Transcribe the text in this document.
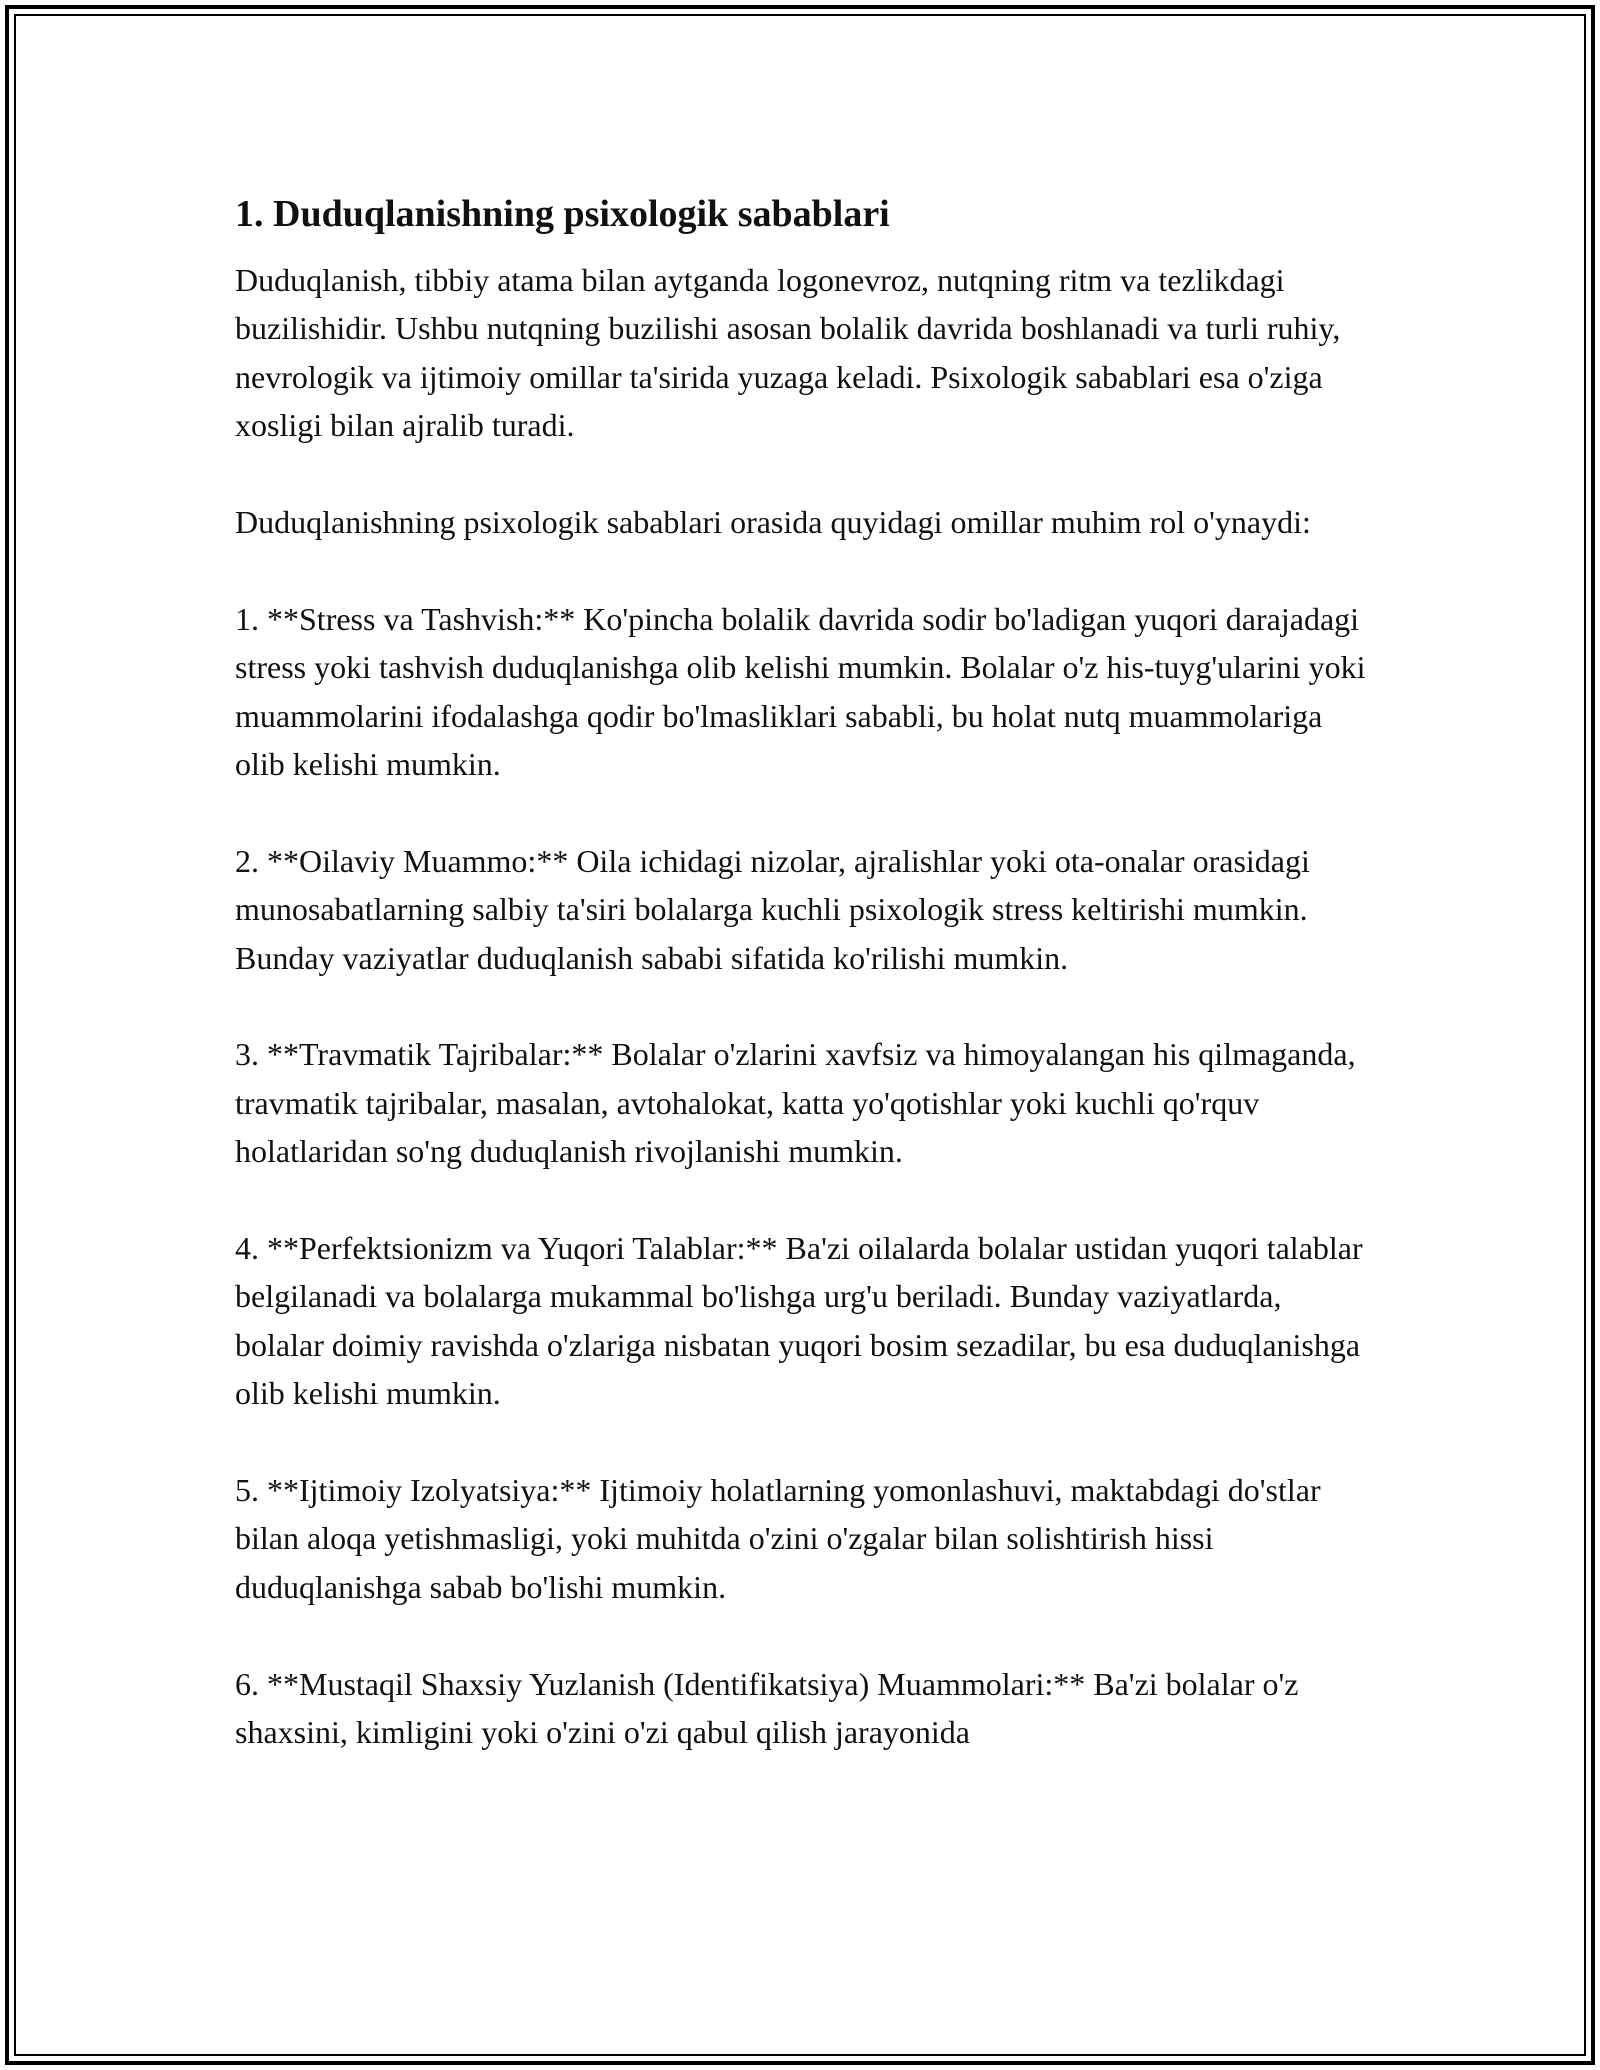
1. Duduqlanishning psixologik sabablari

Duduqlanish, tibbiy atama bilan aytganda logonevroz, nutqning ritm va tezlikdagi buzilishidir. Ushbu nutqning buzilishi asosan bolalik davrida boshlanadi va turli ruhiy, nevrologik va ijtimoiy omillar ta'sirida yuzaga keladi. Psixologik sabablari esa o'ziga xosligi bilan ajralib turadi.

Duduqlanishning psixologik sabablari orasida quyidagi omillar muhim rol o'ynaydi:

1. **Stress va Tashvish:** Ko'pincha bolalik davrida sodir bo'ladigan yuqori darajadagi stress yoki tashvish duduqlanishga olib kelishi mumkin. Bolalar o'z his-tuyg'ularini yoki muammolarini ifodalashga qodir bo'lmasliklari sababli, bu holat nutq muammolariga olib kelishi mumkin.

2. **Oilaviy Muammo:** Oila ichidagi nizolar, ajralishlar yoki ota-onalar orasidagi munosabatlarning salbiy ta'siri bolalarga kuchli psixologik stress keltirishi mumkin. Bunday vaziyatlar duduqlanish sababi sifatida ko'rilishi mumkin.

3. **Travmatik Tajribalar:** Bolalar o'zlarini xavfsiz va himoyalangan his qilmaganda, travmatik tajribalar, masalan, avtohalokat, katta yo'qotishlar yoki kuchli qo'rquv holatlaridan so'ng duduqlanish rivojlanishi mumkin.

4. **Perfektsionizm va Yuqori Talablar:** Ba'zi oilalarda bolalar ustidan yuqori talablar belgilanadi va bolalarga mukammal bo'lishga urg'u beriladi. Bunday vaziyatlarda, bolalar doimiy ravishda o'zlariga nisbatan yuqori bosim sezadilar, bu esa duduqlanishga olib kelishi mumkin.

5. **Ijtimoiy Izolyatsiya:** Ijtimoiy holatlarning yomonlashuvi, maktabdagi do'stlar bilan aloqa yetishmasligi, yoki muhitda o'zini o'zgalar bilan solishtirish hissi duduqlanishga sabab bo'lishi mumkin.

6. **Mustaqil Shaxsiy Yuzlanish (Identifikatsiya) Muammolari:** Ba'zi bolalar o'z shaxsini, kimligini yoki o'zini o'zi qabul qilish jarayonida
